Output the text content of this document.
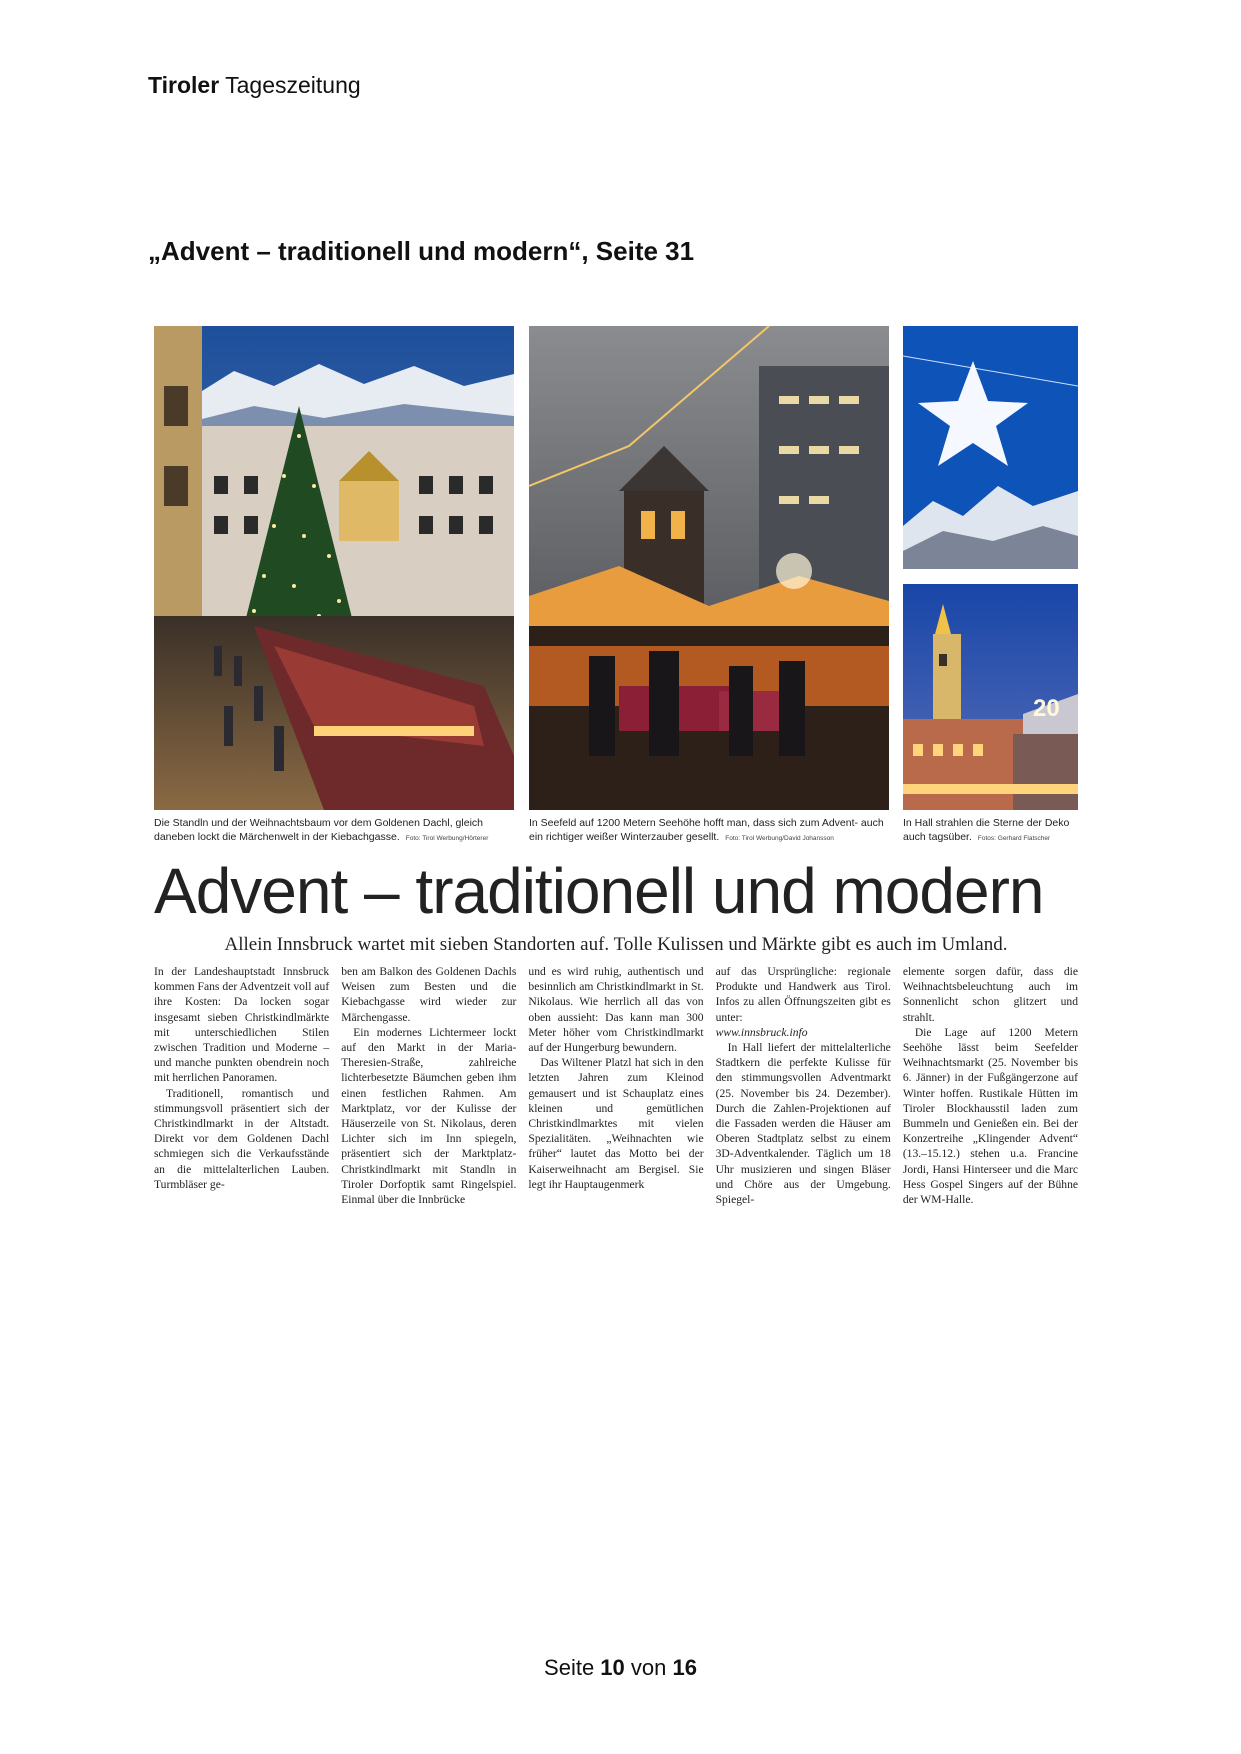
Tiroler Tageszeitung
„Advent – traditionell und modern“, Seite 31
20
Die Standln und der Weihnachtsbaum vor dem Goldenen Dachl, gleich daneben lockt die Märchenwelt in der Kiebachgasse. Foto: Tirol Werbung/Hörterer
In Seefeld auf 1200 Metern Seehöhe hofft man, dass sich zum Advent- auch ein richtiger weißer Winterzauber gesellt. Foto: Tirol Werbung/David Johansson
In Hall strahlen die Sterne der Deko auch tagsüber. Fotos: Gerhard Flatscher
Advent – traditionell und modern
Allein Innsbruck wartet mit sieben Standorten auf. Tolle Kulissen und Märkte gibt es auch im Umland.

In der Landeshauptstadt Innsbruck kommen Fans der Adventzeit voll auf ihre Kosten: Da locken sogar insgesamt sieben Christkindlmärkte mit unterschiedlichen Stilen zwischen Tradition und Moderne – und manche punkten obendrein noch mit herrlichen Panoramen.

Traditionell, romantisch und stimmungsvoll präsentiert sich der Christkindlmarkt in der Altstadt. Direkt vor dem Goldenen Dachl schmiegen sich die Verkaufsstände an die mittelalterlichen Lauben. Turmbläser ge-

ben am Balkon des Goldenen Dachls Weisen zum Besten und die Kiebachgasse wird wieder zur Märchengasse.

Ein modernes Lichtermeer lockt auf den Markt in der Maria-Theresien-Straße, zahlreiche lichterbesetzte Bäumchen geben ihm einen festlichen Rahmen. Am Marktplatz, vor der Kulisse der Häuserzeile von St. Nikolaus, deren Lichter sich im Inn spiegeln, präsentiert sich der Marktplatz-Christkindlmarkt mit Standln in Tiroler Dorfoptik samt Ringelspiel. Einmal über die Innbrücke

und es wird ruhig, authentisch und besinnlich am Christkindlmarkt in St. Nikolaus. Wie herrlich all das von oben aussieht: Das kann man 300 Meter höher vom Christkindlmarkt auf der Hungerburg bewundern.

Das Wiltener Platzl hat sich in den letzten Jahren zum Kleinod gemausert und ist Schauplatz eines kleinen und gemütlichen Christkindlmarktes mit vielen Spezialitäten. „Weihnachten wie früher“ lautet das Motto bei der Kaiserweihnacht am Bergisel. Sie legt ihr Hauptaugenmerk

auf das Ursprüngliche: regionale Produkte und Handwerk aus Tirol. Infos zu allen Öffnungszeiten gibt es unter:

www.innsbruck.info

In Hall liefert der mittelalterliche Stadtkern die perfekte Kulisse für den stimmungsvollen Adventmarkt (25. November bis 24. Dezember). Durch die Zahlen-Projektionen auf die Fassaden werden die Häuser am Oberen Stadtplatz selbst zu einem 3D-Adventkalender. Täglich um 18 Uhr musizieren und singen Bläser und Chöre aus der Umgebung. Spiegel-

elemente sorgen dafür, dass die Weihnachtsbeleuchtung auch im Sonnenlicht schon glitzert und strahlt.

Die Lage auf 1200 Metern Seehöhe lässt beim Seefelder Weihnachtsmarkt (25. November bis 6. Jänner) in der Fußgängerzone auf Winter hoffen. Rustikale Hütten im Tiroler Blockhausstil laden zum Bummeln und Genießen ein. Bei der Konzertreihe „Klingender Advent“ (13.–15.12.) stehen u.a. Francine Jordi, Hansi Hinterseer und die Marc Hess Gospel Singers auf der Bühne der WM-Halle.

Seite 10 von 16
